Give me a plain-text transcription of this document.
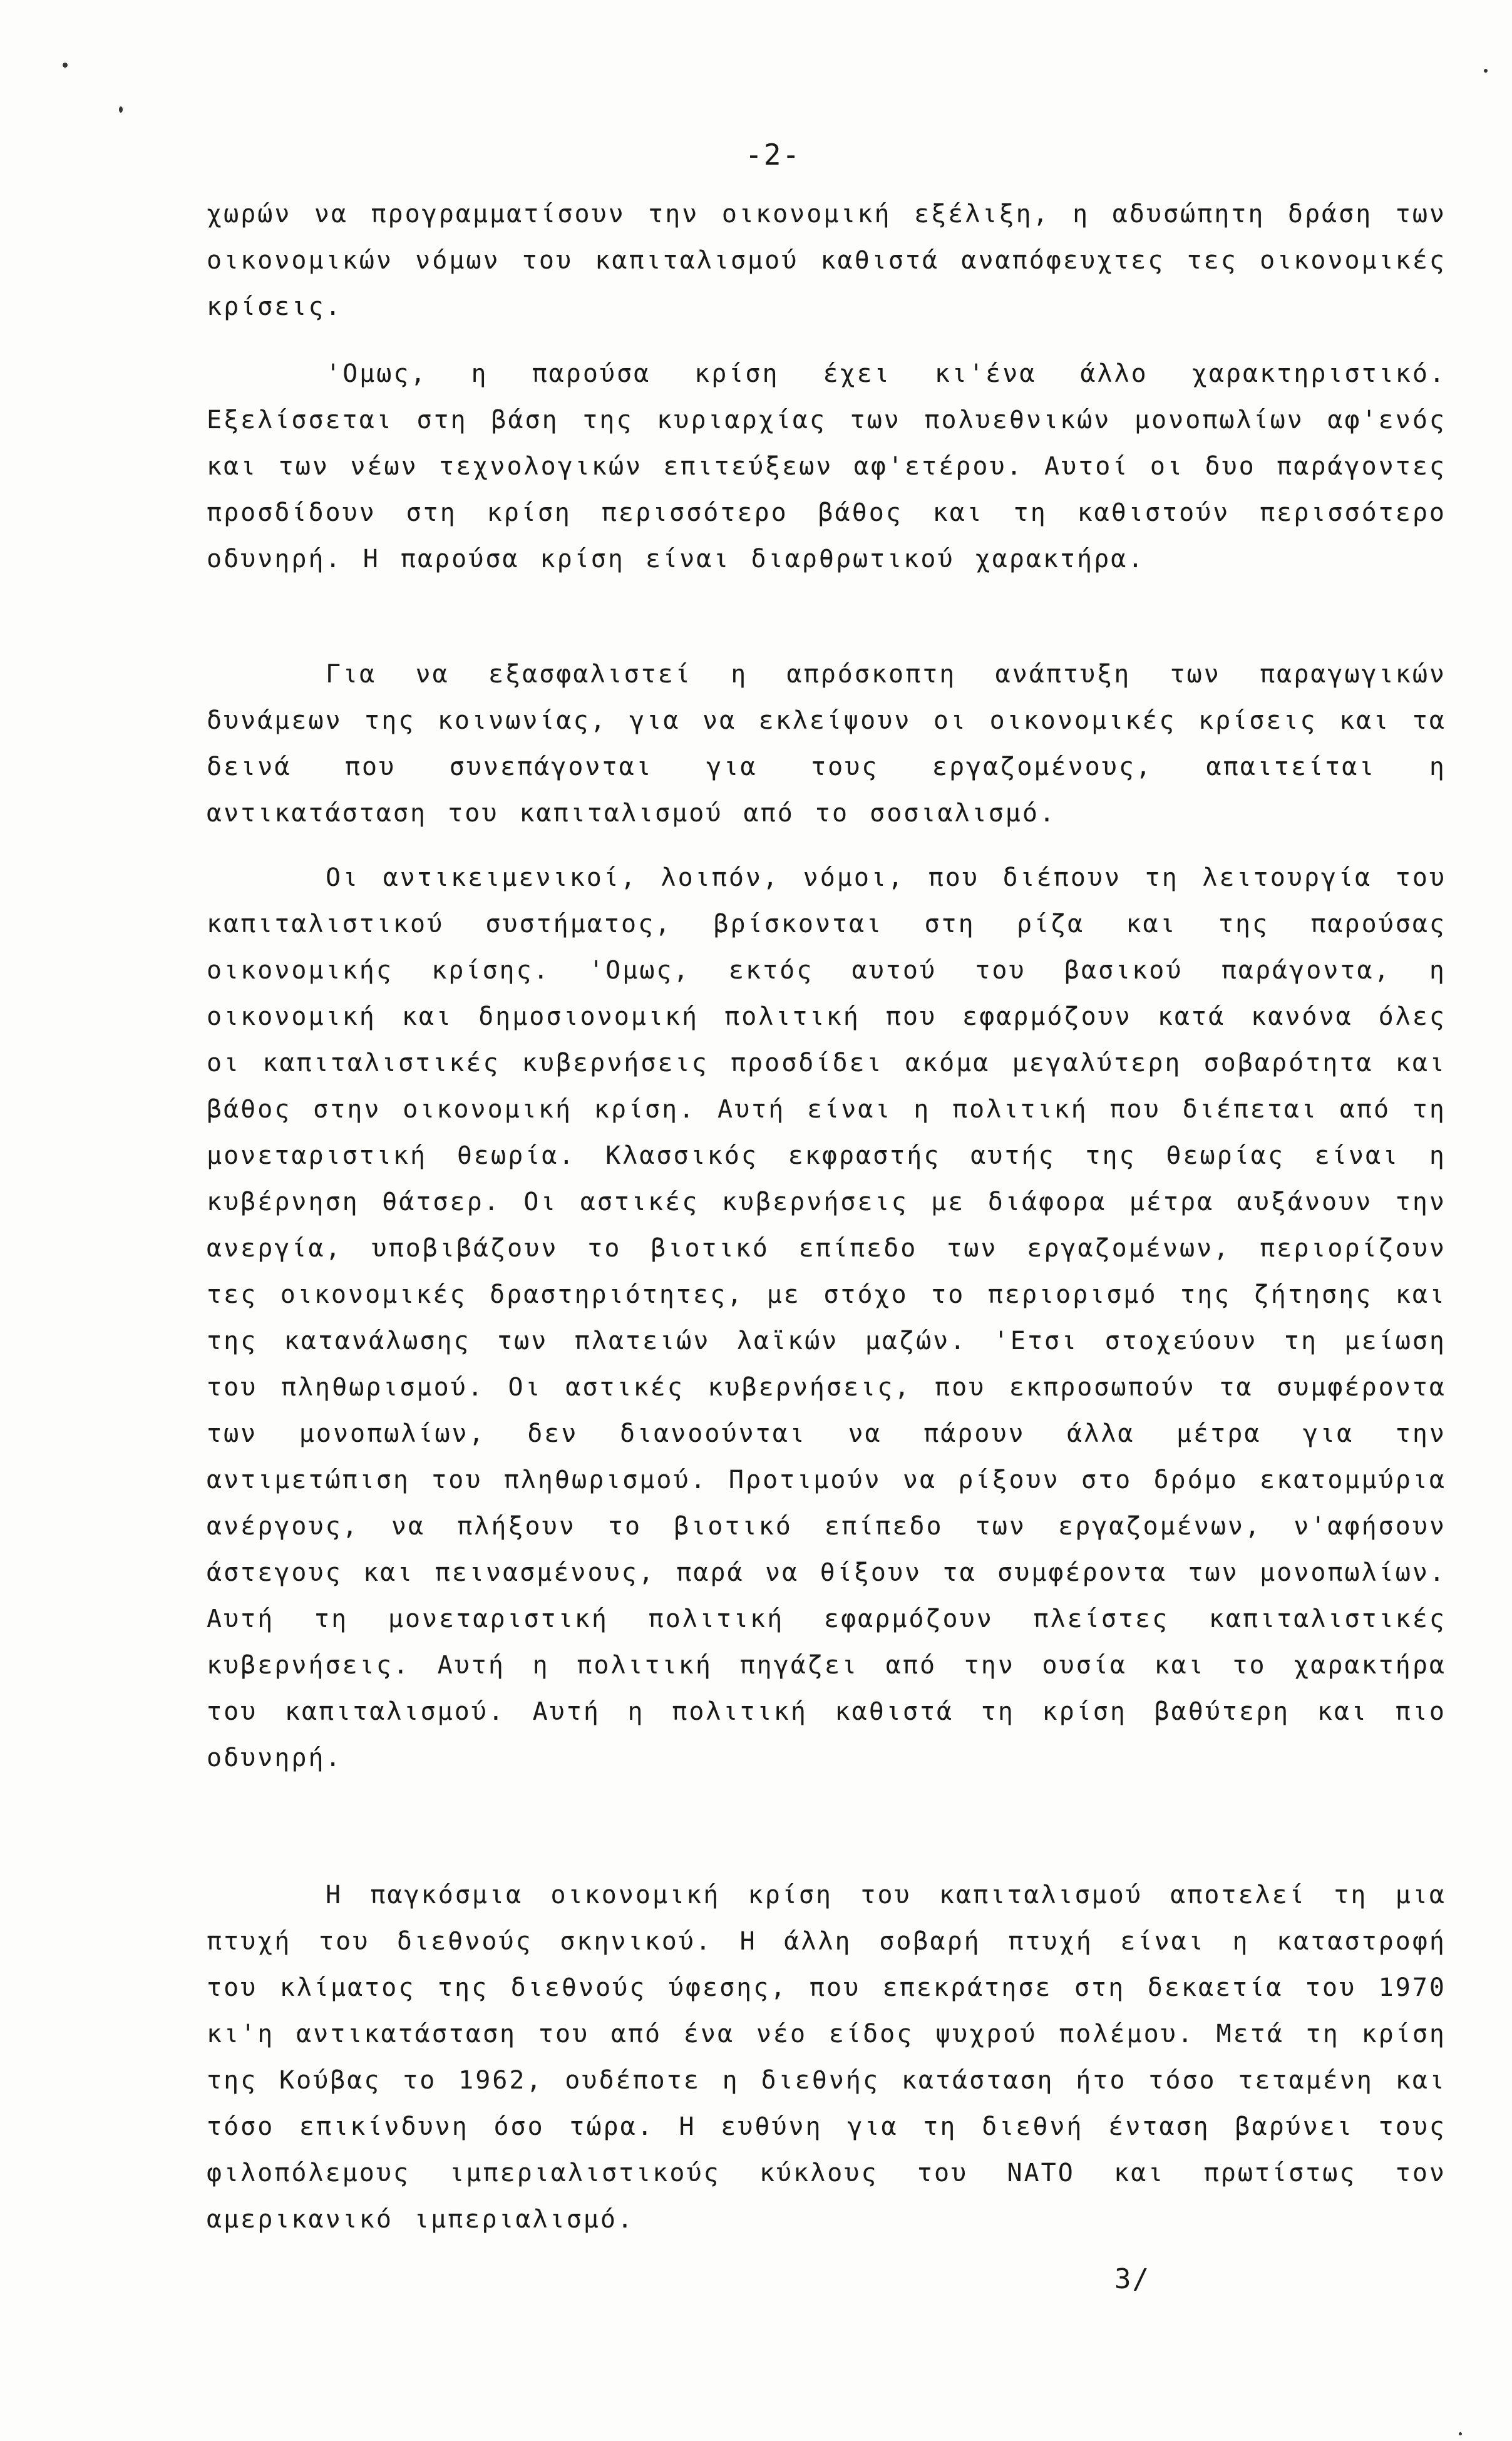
-2-

χωρών να προγραμματίσουν την οικονομική εξέλιξη, η αδυσώπητη δράση των οικονομικών νόμων του καπιταλισμού καθιστά αναπόφευχτες τες οικονομικές κρίσεις.

'Ομως, η παρούσα κρίση έχει κι'ένα άλλο χαρακτηριστικό. Εξελίσσεται στη βάση της κυριαρχίας των πολυεθνικών μονοπωλίων αφ'ενός και των νέων τεχνολογικών επιτεύξεων αφ'ετέρου. Αυτοί οι δυο παράγοντες προσδίδουν στη κρίση περισσότερο βάθος και τη καθιστούν περισσότερο οδυνηρή. Η παρούσα κρίση είναι διαρθρωτικού χαρακτήρα.

Για να εξασφαλιστεί η απρόσκοπτη ανάπτυξη των παραγωγικών δυνάμεων της κοινωνίας, για να εκλείψουν οι οικονομικές κρίσεις και τα δεινά που συνεπάγονται για τους εργαζομένους, απαιτείται η αντικατάσταση του καπιταλισμού από το σοσιαλισμό.

Οι αντικειμενικοί, λοιπόν, νόμοι, που διέπουν τη λειτουργία του καπιταλιστικού συστήματος, βρίσκονται στη ρίζα και της παρούσας οικονομικής κρίσης. 'Ομως, εκτός αυτού του βασικού παράγοντα, η οικονομική και δημοσιονομική πολιτική που εφαρμόζουν κατά κανόνα όλες οι καπιταλιστικές κυβερνήσεις προσδίδει ακόμα μεγαλύτερη σοβαρότητα και βάθος στην οικονομική κρίση. Αυτή είναι η πολιτική που διέπεται από τη μονεταριστική θεωρία. Κλασσικός εκφραστής αυτής της θεωρίας είναι η κυβέρνηση θάτσερ. Οι αστικές κυβερνήσεις με διάφορα μέτρα αυξάνουν την ανεργία, υποβιβάζουν το βιοτικό επίπεδο των εργαζομένων, περιορίζουν τες οικονομικές δραστηριότητες, με στόχο το περιορισμό της ζήτησης και της κατανάλωσης των πλατειών λαϊκών μαζών. 'Ετσι στοχεύουν τη μείωση του πληθωρισμού. Οι αστικές κυβερνήσεις, που εκπροσωπούν τα συμφέροντα των μονοπωλίων, δεν διανοούνται να πάρουν άλλα μέτρα για την αντιμετώπιση του πληθωρισμού. Προτιμούν να ρίξουν στο δρόμο εκατομμύρια ανέργους, να πλήξουν το βιοτικό επίπεδο των εργαζομένων, ν'αφήσουν άστεγους και πεινασμένους, παρά να θίξουν τα συμφέροντα των μονοπωλίων. Αυτή τη μονεταριστική πολιτική εφαρμόζουν πλείστες καπιταλιστικές κυβερνήσεις. Αυτή η πολιτική πηγάζει από την ουσία και το χαρακτήρα του καπιταλισμού. Αυτή η πολιτική καθιστά τη κρίση βαθύτερη και πιο οδυνηρή.

Η παγκόσμια οικονομική κρίση του καπιταλισμού αποτελεί τη μια πτυχή του διεθνούς σκηνικού. Η άλλη σοβαρή πτυχή είναι η καταστροφή του κλίματος της διεθνούς ύφεσης, που επεκράτησε στη δεκαετία του 1970 κι'η αντικατάσταση του από ένα νέο είδος ψυχρού πολέμου. Μετά τη κρίση της Κούβας το 1962, ουδέποτε η διεθνής κατάσταση ήτο τόσο τεταμένη και τόσο επικίνδυνη όσο τώρα. Η ευθύνη για τη διεθνή ένταση βαρύνει τους φιλοπόλεμους ιμπεριαλιστικούς κύκλους του ΝΑΤΟ και πρωτίστως τον αμερικανικό ιμπεριαλισμό.

3/
